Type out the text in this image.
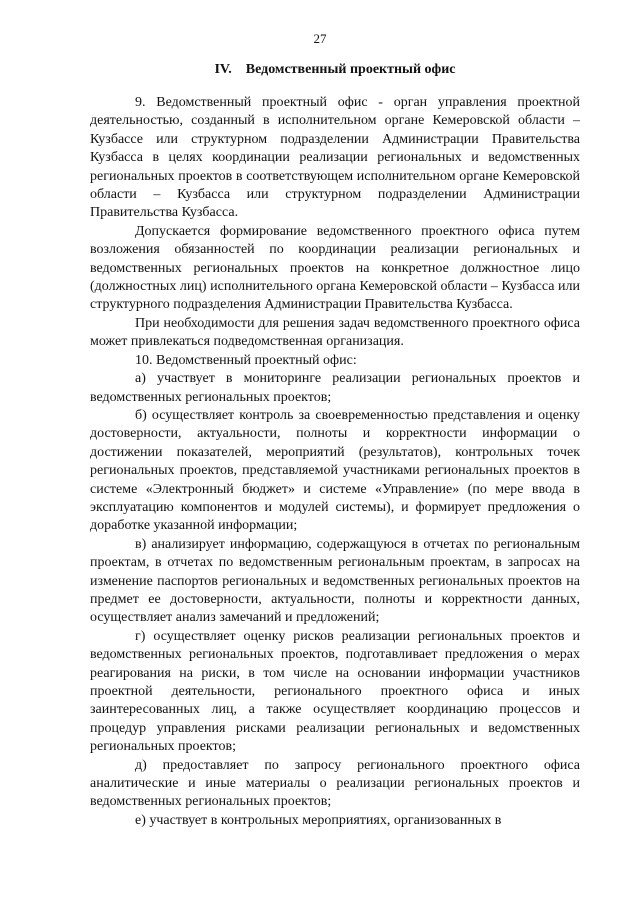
27
IV. Ведомственный проектный офис

9. Ведомственный проектный офис - орган управления проектной деятельностью, созданный в исполнительном органе Кемеровской области – Кузбассе или структурном подразделении Администрации Правительства Кузбасса в целях координации реализации региональных и ведомственных региональных проектов в соответствующем исполнительном органе Кемеровской области – Кузбасса или структурном подразделении Администрации Правительства Кузбасса.

Допускается формирование ведомственного проектного офиса путем возложения обязанностей по координации реализации региональных и ведомственных региональных проектов на конкретное должностное лицо (должностных лиц) исполнительного органа Кемеровской области – Кузбасса или структурного подразделения Администрации Правительства Кузбасса.

При необходимости для решения задач ведомственного проектного офиса может привлекаться подведомственная организация.

10. Ведомственный проектный офис:

а) участвует в мониторинге реализации региональных проектов и ведомственных региональных проектов;

б) осуществляет контроль за своевременностью представления и оценку достоверности, актуальности, полноты и корректности информации о достижении показателей, мероприятий (результатов), контрольных точек региональных проектов, представляемой участниками региональных проектов в системе «Электронный бюджет» и системе «Управление» (по мере ввода в эксплуатацию компонентов и модулей системы), и формирует предложения о доработке указанной информации;

в) анализирует информацию, содержащуюся в отчетах по региональным проектам, в отчетах по ведомственным региональным проектам, в запросах на изменение паспортов региональных и ведомственных региональных проектов на предмет ее достоверности, актуальности, полноты и корректности данных, осуществляет анализ замечаний и предложений;

г) осуществляет оценку рисков реализации региональных проектов и ведомственных региональных проектов, подготавливает предложения о мерах реагирования на риски, в том числе на основании информации участников проектной деятельности, регионального проектного офиса и иных заинтересованных лиц, а также осуществляет координацию процессов и процедур управления рисками реализации региональных и ведомственных региональных проектов;

д) предоставляет по запросу регионального проектного офиса аналитические и иные материалы о реализации региональных проектов и ведомственных региональных проектов;

е) участвует в контрольных мероприятиях, организованных в
